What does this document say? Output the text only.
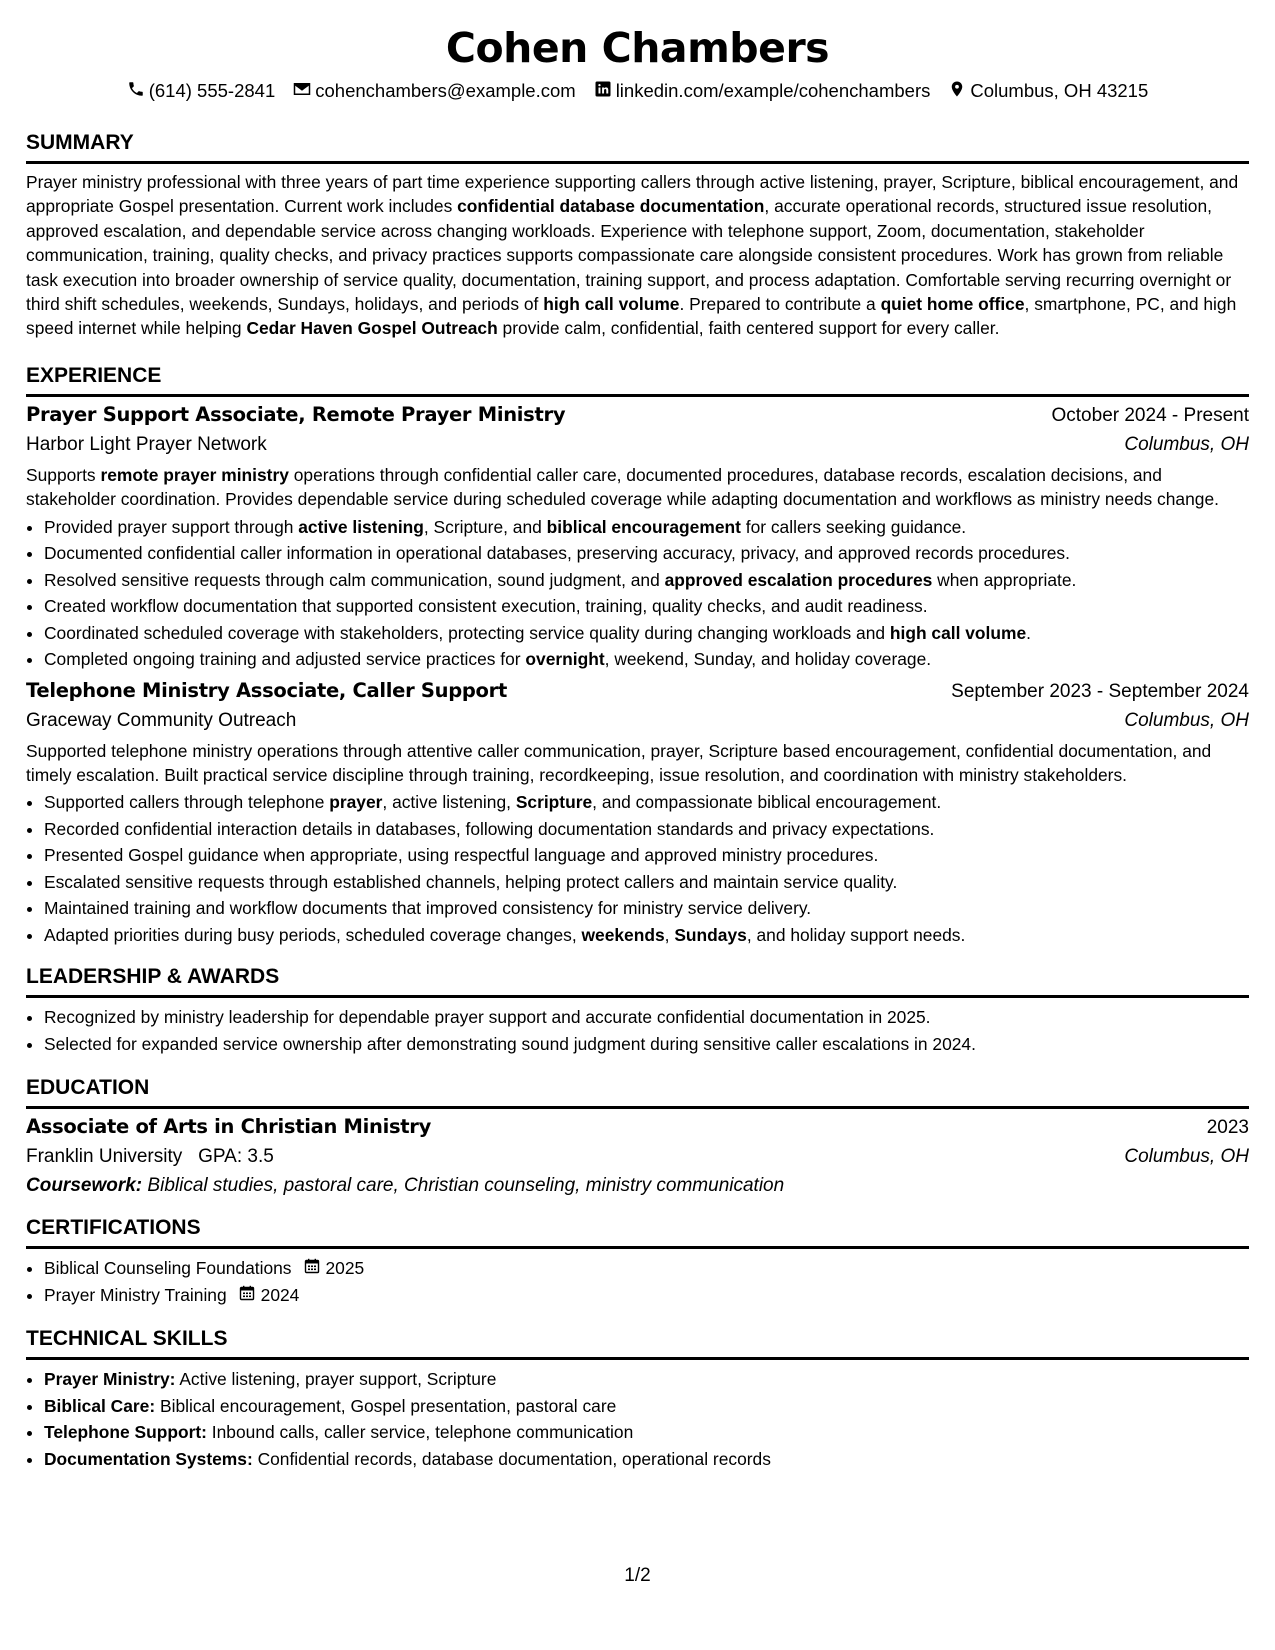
Cohen Chambers
(614) 555-2841 cohenchambers@example.com linkedin.com/example/cohenchambers Columbus, OH 43215
SUMMARY

Prayer ministry professional with three years of part time experience supporting callers through active listening, prayer, Scripture, biblical encouragement, and appropriate Gospel presentation. Current work includes confidential database documentation, accurate operational records, structured issue resolution, approved escalation, and dependable service across changing workloads. Experience with telephone support, Zoom, documentation, stakeholder communication, training, quality checks, and privacy practices supports compassionate care alongside consistent procedures. Work has grown from reliable task execution into broader ownership of service quality, documentation, training support, and process adaptation. Comfortable serving recurring overnight or third shift schedules, weekends, Sundays, holidays, and periods of high call volume. Prepared to contribute a quiet home office, smartphone, PC, and high speed internet while helping Cedar Haven Gospel Outreach provide calm, confidential, faith centered support for every caller.

EXPERIENCE
Prayer Support Associate, Remote Prayer Ministry	October 2024 - Present
Harbor Light Prayer Network	Columbus, OH

Supports remote prayer ministry operations through confidential caller care, documented procedures, database records, escalation decisions, and stakeholder coordination. Provides dependable service during scheduled coverage while adapting documentation and workflows as ministry needs change.

• Provided prayer support through active listening, Scripture, and biblical encouragement for callers seeking guidance.
• Documented confidential caller information in operational databases, preserving accuracy, privacy, and approved records procedures.
• Resolved sensitive requests through calm communication, sound judgment, and approved escalation procedures when appropriate.
• Created workflow documentation that supported consistent execution, training, quality checks, and audit readiness.
• Coordinated scheduled coverage with stakeholders, protecting service quality during changing workloads and high call volume.
• Completed ongoing training and adjusted service practices for overnight, weekend, Sunday, and holiday coverage.
Telephone Ministry Associate, Caller Support	September 2023 - September 2024
Graceway Community Outreach	Columbus, OH

Supported telephone ministry operations through attentive caller communication, prayer, Scripture based encouragement, confidential documentation, and timely escalation. Built practical service discipline through training, recordkeeping, issue resolution, and coordination with ministry stakeholders.

• Supported callers through telephone prayer, active listening, Scripture, and compassionate biblical encouragement.
• Recorded confidential interaction details in databases, following documentation standards and privacy expectations.
• Presented Gospel guidance when appropriate, using respectful language and approved ministry procedures.
• Escalated sensitive requests through established channels, helping protect callers and maintain service quality.
• Maintained training and workflow documents that improved consistency for ministry service delivery.
• Adapted priorities during busy periods, scheduled coverage changes, weekends, Sundays, and holiday support needs.
LEADERSHIP & AWARDS
• Recognized by ministry leadership for dependable prayer support and accurate confidential documentation in 2025.
• Selected for expanded service ownership after demonstrating sound judgment during sensitive caller escalations in 2024.
EDUCATION
Associate of Arts in Christian Ministry	2023
Franklin University GPA: 3.5	Columbus, OH
Coursework: Biblical studies, pastoral care, Christian counseling, ministry communication
CERTIFICATIONS
• Biblical Counseling Foundations 2025
• Prayer Ministry Training 2024
TECHNICAL SKILLS
• Prayer Ministry: Active listening, prayer support, Scripture
• Biblical Care: Biblical encouragement, Gospel presentation, pastoral care
• Telephone Support: Inbound calls, caller service, telephone communication
• Documentation Systems: Confidential records, database documentation, operational records
1/2
